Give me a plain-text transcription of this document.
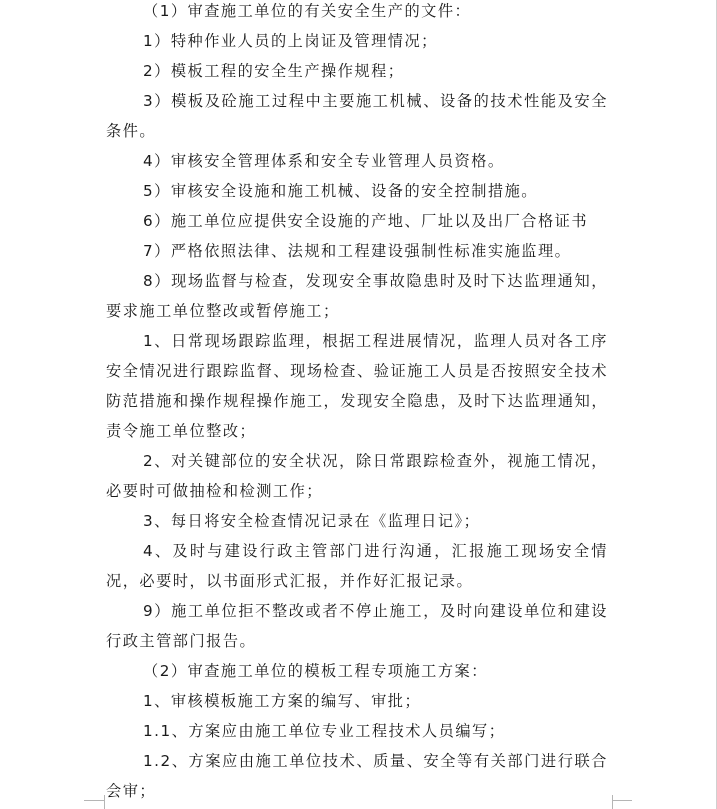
（1）审查施工单位的有关安全生产的文件：

1）特种作业人员的上岗证及管理情况；

2）模板工程的安全生产操作规程；

3）模板及砼施工过程中主要施工机械、设备的技术性能及安全条件。

4）审核安全管理体系和安全专业管理人员资格。

5）审核安全设施和施工机械、设备的安全控制措施。

6）施工单位应提供安全设施的产地、厂址以及出厂合格证书

7）严格依照法律、法规和工程建设强制性标准实施监理。

8）现场监督与检查，发现安全事故隐患时及时下达监理通知，要求施工单位整改或暂停施工；

1、日常现场跟踪监理，根据工程进展情况，监理人员对各工序安全情况进行跟踪监督、现场检查、验证施工人员是否按照安全技术防范措施和操作规程操作施工，发现安全隐患，及时下达监理通知，责令施工单位整改；

2、对关键部位的安全状况，除日常跟踪检查外，视施工情况，必要时可做抽检和检测工作；

3、每日将安全检查情况记录在《监理日记》；

4、及时与建设行政主管部门进行沟通，汇报施工现场安全情况，必要时，以书面形式汇报，并作好汇报记录。

9）施工单位拒不整改或者不停止施工，及时向建设单位和建设行政主管部门报告。

（2）审查施工单位的模板工程专项施工方案：

1、审核模板施工方案的编写、审批；

1.1、方案应由施工单位专业工程技术人员编写；

1.2、方案应由施工单位技术、质量、安全等有关部门进行联合会审；
